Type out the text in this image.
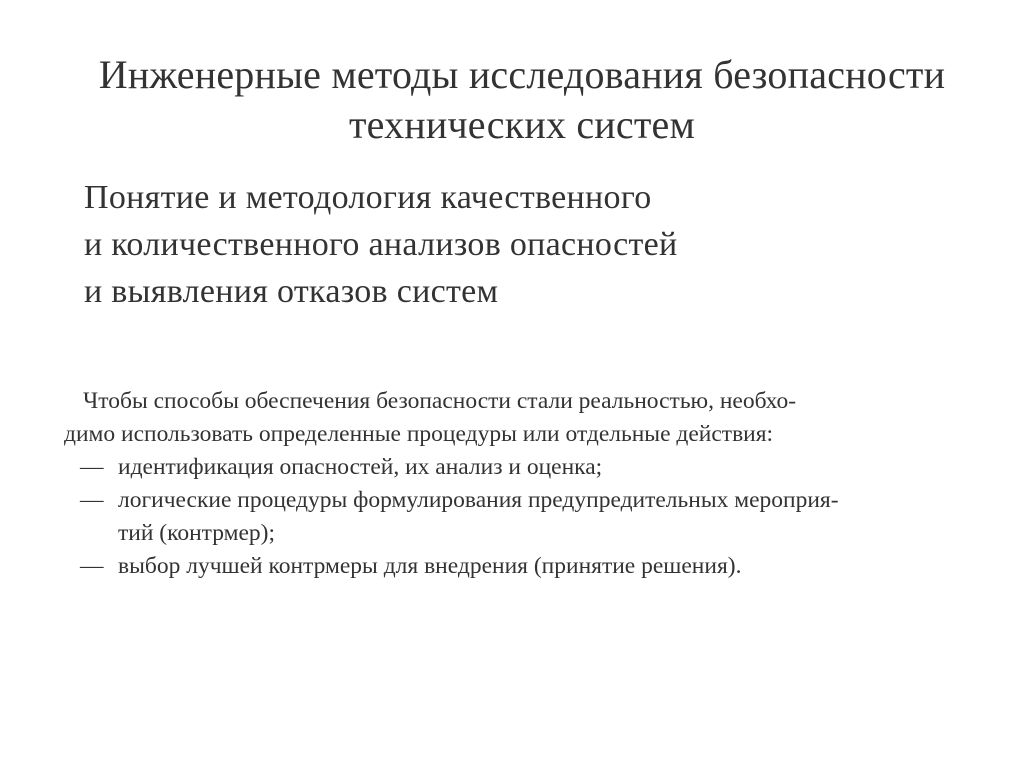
Инженерные методы исследования безопасности
технических систем
Понятие и методология качественного
и количественного анализов опасностей
и выявления отказов систем
Чтобы способы обеспечения безопасности стали реальностью, необхо-
димо использовать определенные процедуры или отдельные действия:
— идентификация опасностей, их анализ и оценка;
— логические процедуры формулирования предупредительных мероприя-
тий (контрмер);
— выбор лучшей контрмеры для внедрения (принятие решения).
